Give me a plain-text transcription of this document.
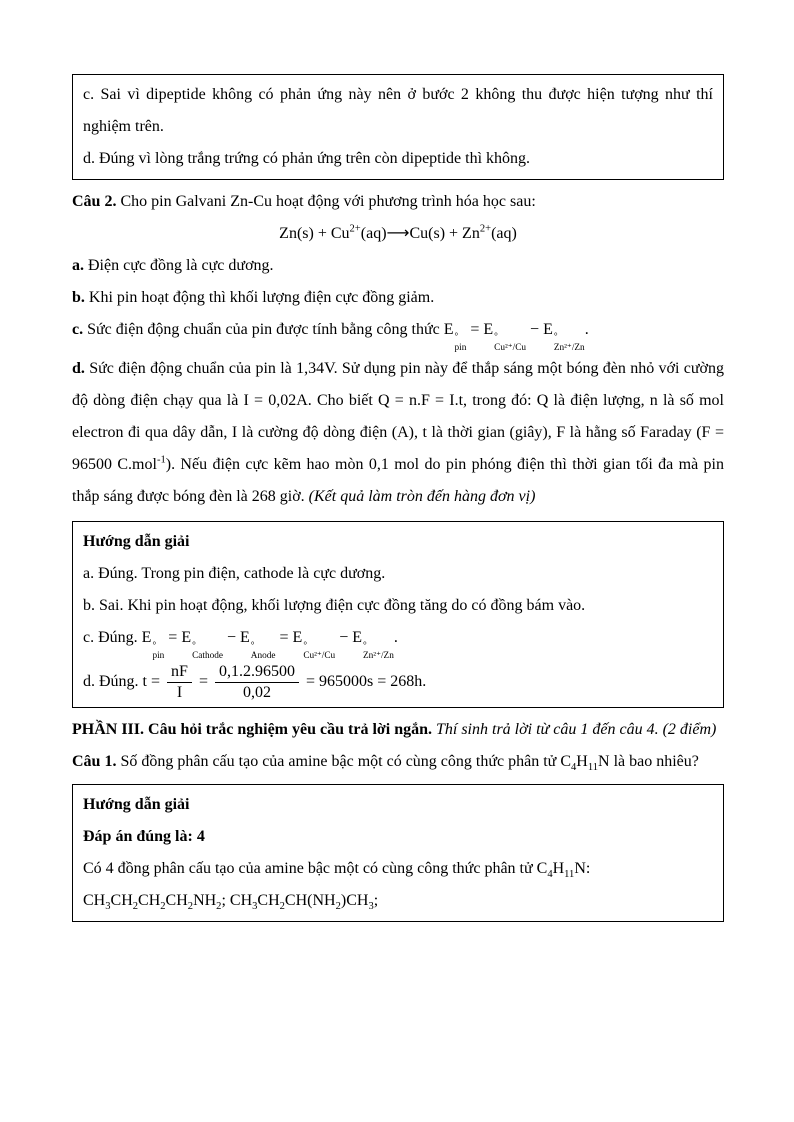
c. Sai vì dipeptide không có phản ứng này nên ở bước 2 không thu được hiện tượng như thí nghiệm trên.

d. Đúng vì lòng trắng trứng có phản ứng trên còn dipeptide thì không.

Câu 2. Cho pin Galvani Zn-Cu hoạt động với phương trình hóa học sau:

$Zn(s) + Cu^{2+}(aq)⟶Cu(s) + Zn^{2+}(aq)$

a. Điện cực đồng là cực dương.

b. Khi pin hoạt động thì khối lượng điện cực đồng giảm.

c. Sức điện động chuẩn của pin được tính bằng công thức E °
pin
= E °
Cu²⁺/Cu
− E °
Zn²⁺/Zn
.

d. Sức điện động chuẩn của pin là 1,34V. Sử dụng pin này để thắp sáng một bóng đèn nhỏ với cường độ dòng điện chạy qua là I = 0,02A. Cho biết Q = n.F = I.t, trong đó: Q là điện lượng, n là số mol electron đi qua dây dẫn, I là cường độ dòng điện (A), t là thời gian (giây), F là hằng số Faraday (F = 96500 C.mol$^{-1}$). Nếu điện cực kẽm hao mòn 0,1 mol do pin phóng điện thì thời gian tối đa mà pin thắp sáng được bóng đèn là 268 giờ. (Kết quả làm tròn đến hàng đơn vị)

Hướng dẫn giải

a. Đúng. Trong pin điện, cathode là cực dương.

b. Sai. Khi pin hoạt động, khối lượng điện cực đồng tăng do có đồng bám vào.

c. Đúng. E °
pin
= E °
Cathode
− E °
Anode
= E °
Cu²⁺/Cu
− E °
Zn²⁺/Zn
.

d. Đúng. $t = \frac{nF}{I} = \frac{0,1.2.96500}{0,02} = 965000s = 268h$.

PHẦN III. Câu hỏi trắc nghiệm yêu cầu trả lời ngắn. Thí sinh trả lời từ câu 1 đến câu 4. (2 điểm)

Câu 1. Số đồng phân cấu tạo của amine bậc một có cùng công thức phân tử $C_4H_{11}N$ là bao nhiêu?

Hướng dẫn giải

Đáp án đúng là: 4

Có 4 đồng phân cấu tạo của amine bậc một có cùng công thức phân tử $C_4H_{11}N$:

$CH_3CH_2CH_2CH_2NH_2$; $CH_3CH_2CH(NH_2)CH_3$;
